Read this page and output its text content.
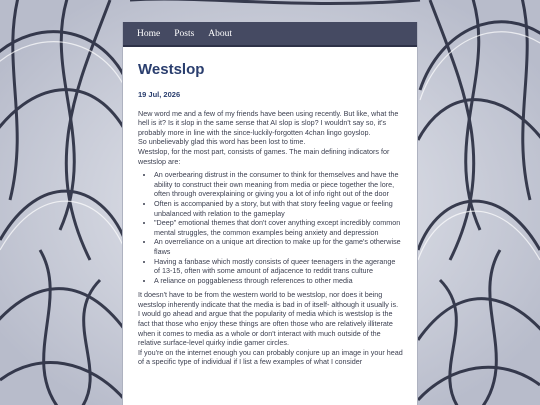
Home Posts About
Westslop
19 Jul, 2026

New word me and a few of my friends have been using recently. But like, what the hell is it? Is it slop in the same sense that AI slop is slop? I wouldn't say so, it's probably more in line with the since-luckily-forgotten 4chan lingo goyslop.

So unbelievably glad this word has been lost to time.

Westslop, for the most part, consists of games. The main defining indicators for westslop are:

• An overbearing distrust in the consumer to think for themselves and have the ability to construct their own meaning from media or piece together the lore, often through overexplaining or giving you a lot of info right out of the door
• Often is accompanied by a story, but with that story feeling vague or feeling unbalanced with relation to the gameplay
• "Deep" emotional themes that don't cover anything except incredibly common mental struggles, the common examples being anxiety and depression
• An overreliance on a unique art direction to make up for the game's otherwise flaws
• Having a fanbase which mostly consists of queer teenagers in the agerange of 13-15, often with some amount of adjacence to reddit trans culture
• A reliance on poggableness through references to other media

It doesn't have to be from the western world to be westslop, nor does it being westslop inherently indicate that the media is bad in of itself- although it usually is.

I would go ahead and argue that the popularity of media which is westslop is the fact that those who enjoy these things are often those who are relatively illiterate when it comes to media as a whole or don't interact with much outside of the relative surface-level quirky indie gamer circles.

If you're on the internet enough you can probably conjure up an image in your head of a specific type of individual if I list a few examples of what I consider
